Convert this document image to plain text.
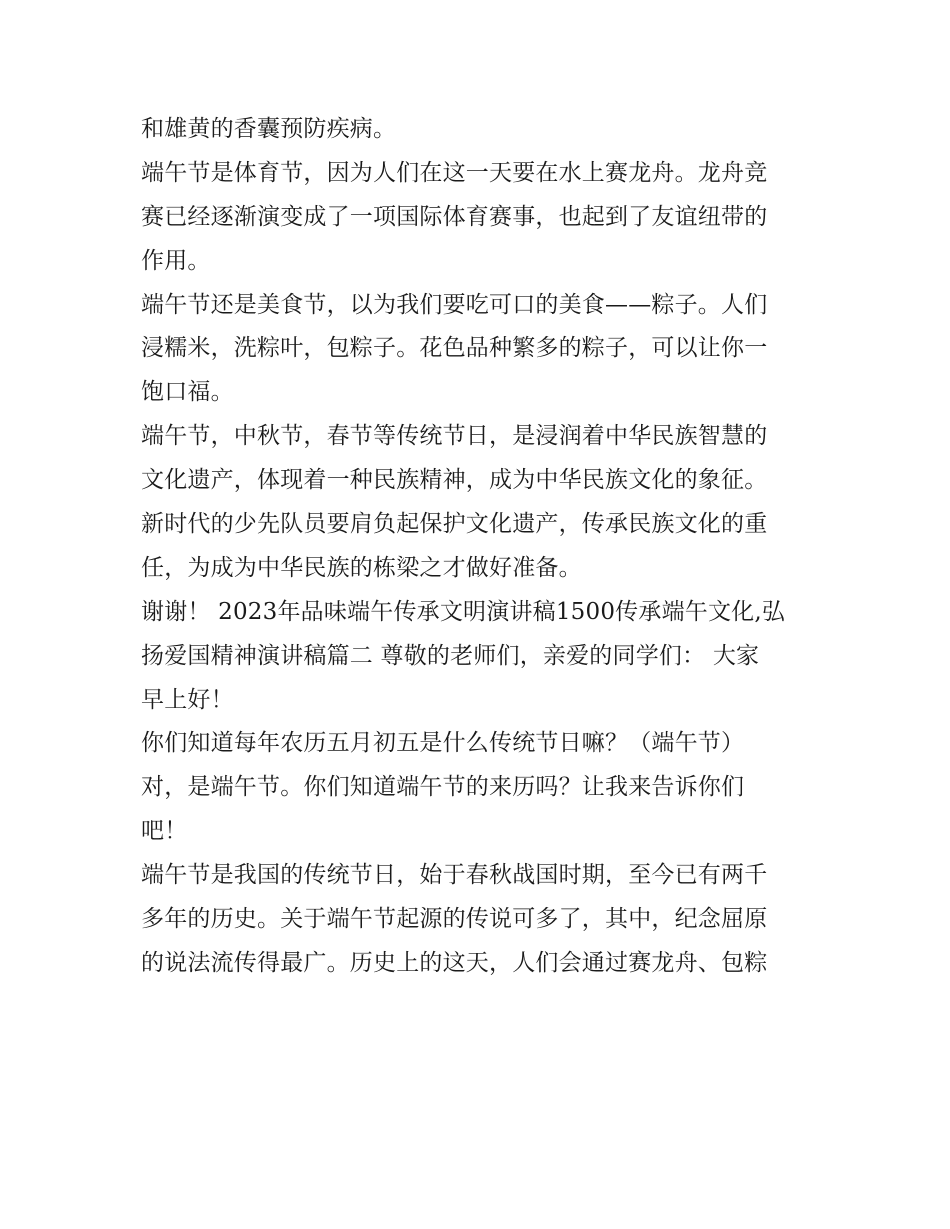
和雄黄的香囊预防疾病。
端午节是体育节，因为人们在这一天要在水上赛龙舟。龙舟竞
赛已经逐渐演变成了一项国际体育赛事，也起到了友谊纽带的
作用。
端午节还是美食节，以为我们要吃可口的美食——粽子。人们
浸糯米，洗粽叶，包粽子。花色品种繁多的粽子，可以让你一
饱口福。
端午节，中秋节，春节等传统节日，是浸润着中华民族智慧的
文化遗产，体现着一种民族精神，成为中华民族文化的象征。
新时代的少先队员要肩负起保护文化遗产，传承民族文化的重
任，为成为中华民族的栋梁之才做好准备。
谢谢！ 2023年品味端午传承文明演讲稿1500传承端午文化,弘
扬爱国精神演讲稿篇二 尊敬的老师们，亲爱的同学们： 大家
早上好！
你们知道每年农历五月初五是什么传统节日嘛？（端午节）
对，是端午节。你们知道端午节的来历吗？让我来告诉你们
吧！
端午节是我国的传统节日，始于春秋战国时期，至今已有两千
多年的历史。关于端午节起源的传说可多了，其中，纪念屈原
的说法流传得最广。历史上的这天，人们会通过赛龙舟、包粽
